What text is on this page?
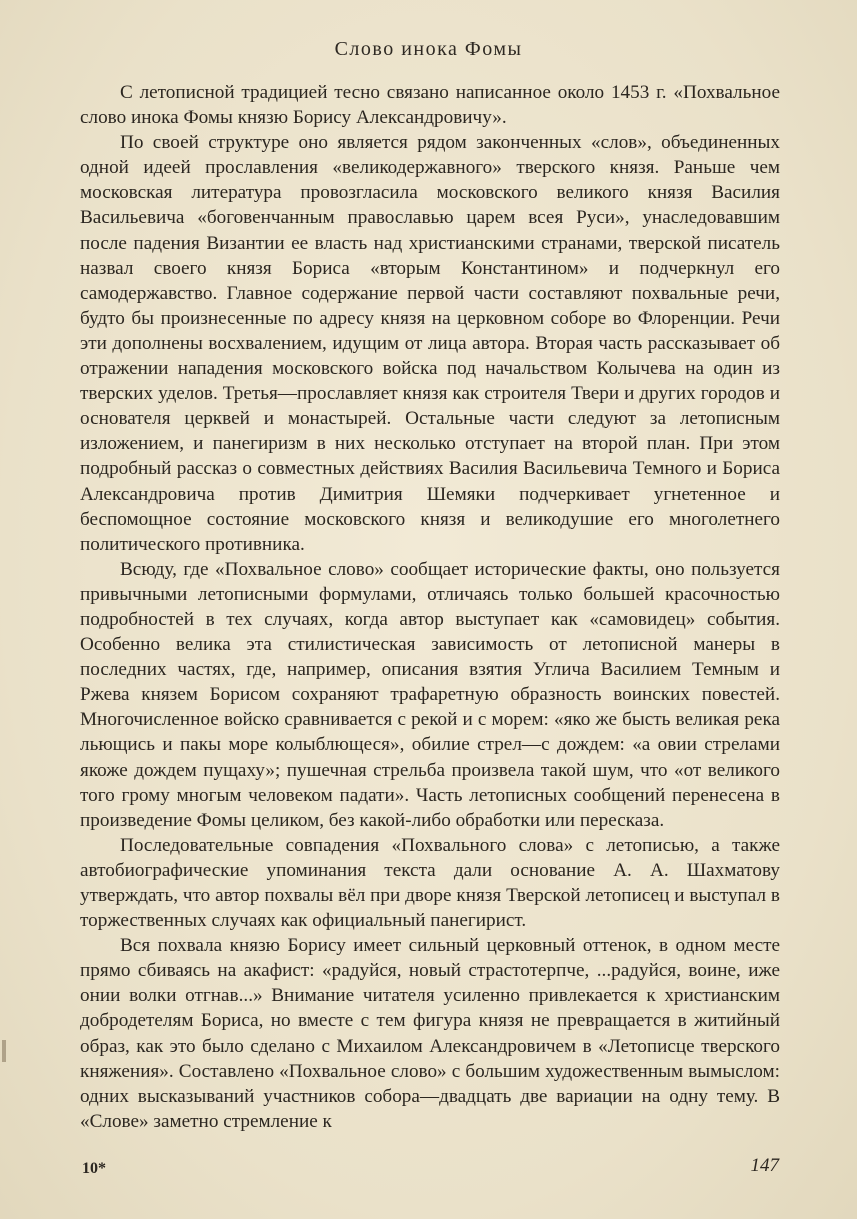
Слово инока Фомы

С летописной традицией тесно связано написанное около 1453 г. «Похвальное слово инока Фомы князю Борису Александровичу».

По своей структуре оно является рядом законченных «слов», объединенных одной идеей прославления «великодержавного» тверского князя. Раньше чем московская литература провозгласила московского великого князя Василия Васильевича «боговенчанным православью царем всея Руси», унаследовавшим после падения Византии ее власть над христианскими странами, тверской писатель назвал своего князя Бориса «вторым Константином» и подчеркнул его самодержавство. Главное содержание первой части составляют похвальные речи, будто бы произнесенные по адресу князя на церковном соборе во Флоренции. Речи эти дополнены восхвалением, идущим от лица автора. Вторая часть рассказывает об отражении нападения московского войска под начальством Колычева на один из тверских уделов. Третья—прославляет князя как строителя Твери и других городов и основателя церквей и монастырей. Остальные части следуют за летописным изложением, и панегиризм в них несколько отступает на второй план. При этом подробный рассказ о совместных действиях Василия Васильевича Темного и Бориса Александровича против Димитрия Шемяки подчеркивает угнетенное и беспомощное состояние московского князя и великодушие его многолетнего политического противника.

Всюду, где «Похвальное слово» сообщает исторические факты, оно пользуется привычными летописными формулами, отличаясь только большей красочностью подробностей в тех случаях, когда автор выступает как «самовидец» события. Особенно велика эта стилистическая зависимость от летописной манеры в последних частях, где, например, описания взятия Углича Василием Темным и Ржева князем Борисом сохраняют трафаретную образность воинских повестей. Многочисленное войско сравнивается с рекой и с морем: «яко же бысть великая река льющись и пакы море колыблющеся», обилие стрел—с дождем: «а овии стрелами якоже дождем пущаху»; пушечная стрельба произвела такой шум, что «от великого того грому многым человеком падати». Часть летописных сообщений перенесена в произведение Фомы целиком, без какой-либо обработки или пересказа.

Последовательные совпадения «Похвального слова» с летописью, а также автобиографические упоминания текста дали основание А. А. Шахматову утверждать, что автор похвалы вёл при дворе князя Тверской летописец и выступал в торжественных случаях как официальный панегирист.

Вся похвала князю Борису имеет сильный церковный оттенок, в одном месте прямо сбиваясь на акафист: «радуйся, новый страстотерпче, ...радуйся, воине, иже онии волки отгнав...» Внимание читателя усиленно привлекается к христианским добродетелям Бориса, но вместе с тем фигура князя не превращается в житийный образ, как это было сделано с Михаилом Александровичем в «Летописце тверского княжения». Составлено «Похвальное слово» с большим художественным вымыслом: одних высказываний участников собора—двадцать две вариации на одну тему. В «Слове» заметно стремление к

10*	147
